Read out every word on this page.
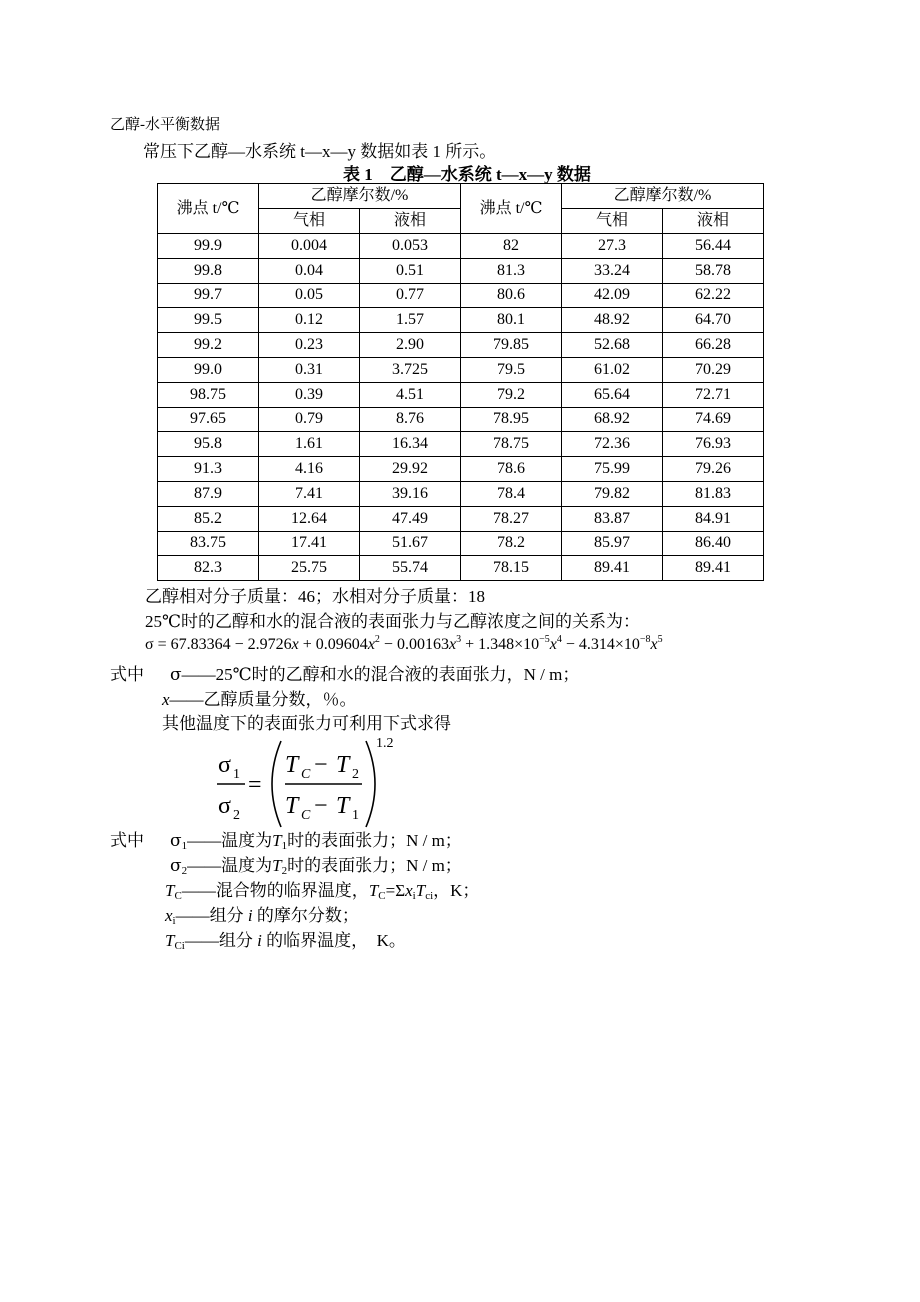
乙醇-水平衡数据
常压下乙醇—水系统 t—x—y 数据如表 1 所示。
表 1　乙醇—水系统 t—x—y 数据
沸点 t/℃	乙醇摩尔数/%		沸点 t/℃	乙醇摩尔数/%	
	气相	液相		气相	液相
99.9	0.004	0.053	82	27.3	56.44
99.8	0.04	0.51	81.3	33.24	58.78
99.7	0.05	0.77	80.6	42.09	62.22
99.5	0.12	1.57	80.1	48.92	64.70
99.2	0.23	2.90	79.85	52.68	66.28
99.0	0.31	3.725	79.5	61.02	70.29
98.75	0.39	4.51	79.2	65.64	72.71
97.65	0.79	8.76	78.95	68.92	74.69
95.8	1.61	16.34	78.75	72.36	76.93
91.3	4.16	29.92	78.6	75.99	79.26
87.9	7.41	39.16	78.4	79.82	81.83
85.2	12.64	47.49	78.27	83.87	84.91
83.75	17.41	51.67	78.2	85.97	86.40
82.3	25.75	55.74	78.15	89.41	89.41
乙醇相对分子质量：46；水相对分子质量：18
25℃时的乙醇和水的混合液的表面张力与乙醇浓度之间的关系为：
$\sigma = 67.83364 - 2.9726x + 0.09604x^2 - 0.00163x^3 + 1.348\times 10^{-5}x^4 - 4.314\times 10^{-8}x^5$
式中 σ——25℃时的乙醇和水的混合液的表面张力，N / m；
x——乙醇质量分数，％。
其他温度下的表面张力可利用下式求得
σ 1
σ 2
=
T C − T 2
T C − T 1
1.2
式中 $\sigma_1——$温度为$T_1$时的表面张力；N / m；
$\sigma_2——$温度为$T_2$时的表面张力；N / m；
$T_C——$混合物的临界温度，$T_C=\Sigma x_iT_{ci}$，K；
$x_i——$组分 i 的摩尔分数；
$T_{Ci}——$组分 i 的临界温度，　K。
